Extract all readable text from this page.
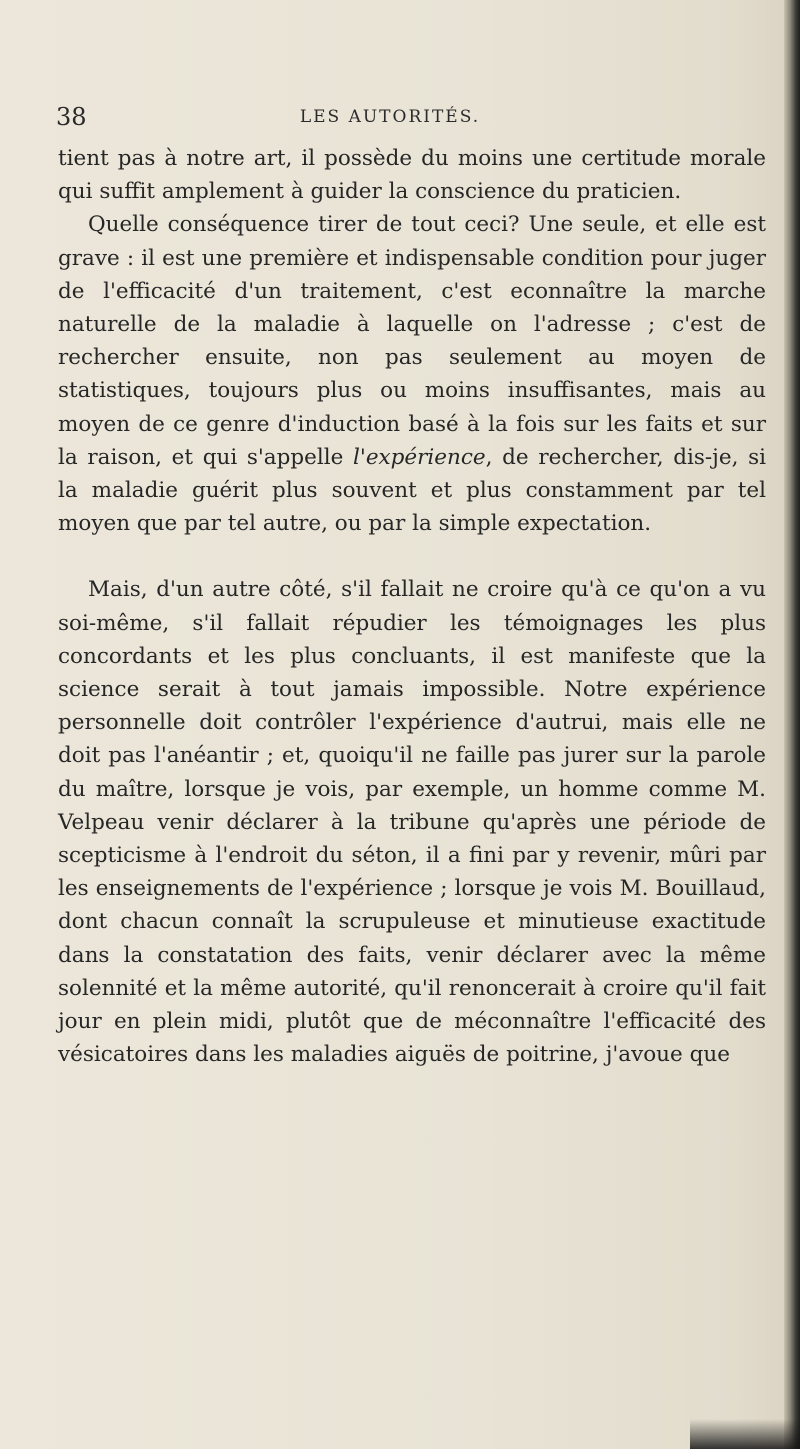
38	LES AUTORITÉS.

tient pas à notre art, il possède du moins une certitude morale qui suffit amplement à guider la conscience du praticien.

Quelle conséquence tirer de tout ceci? Une seule, et elle est grave : il est une première et indispensable condition pour juger de l'efficacité d'un traitement, c'est econnaître la marche naturelle de la maladie à laquelle on l'adresse ; c'est de rechercher ensuite, non pas seulement au moyen de statistiques, toujours plus ou moins insuffisantes, mais au moyen de ce genre d'induction basé à la fois sur les faits et sur la raison, et qui s'appelle l'expérience, de rechercher, dis-je, si la maladie guérit plus souvent et plus constamment par tel moyen que par tel autre, ou par la simple expectation.

Mais, d'un autre côté, s'il fallait ne croire qu'à ce qu'on a vu soi-même, s'il fallait répudier les témoignages les plus concordants et les plus concluants, il est manifeste que la science serait à tout jamais impossible. Notre expérience personnelle doit contrôler l'expérience d'autrui, mais elle ne doit pas l'anéantir ; et, quoiqu'il ne faille pas jurer sur la parole du maître, lorsque je vois, par exemple, un homme comme M. Velpeau venir déclarer à la tribune qu'après une période de scepticisme à l'endroit du séton, il a fini par y revenir, mûri par les enseignements de l'expérience ; lorsque je vois M. Bouillaud, dont chacun connaît la scrupuleuse et minutieuse exactitude dans la constatation des faits, venir déclarer avec la même solennité et la même autorité, qu'il renoncerait à croire qu'il fait jour en plein midi, plutôt que de méconnaître l'efficacité des vésicatoires dans les maladies aiguës de poitrine, j'avoue que
